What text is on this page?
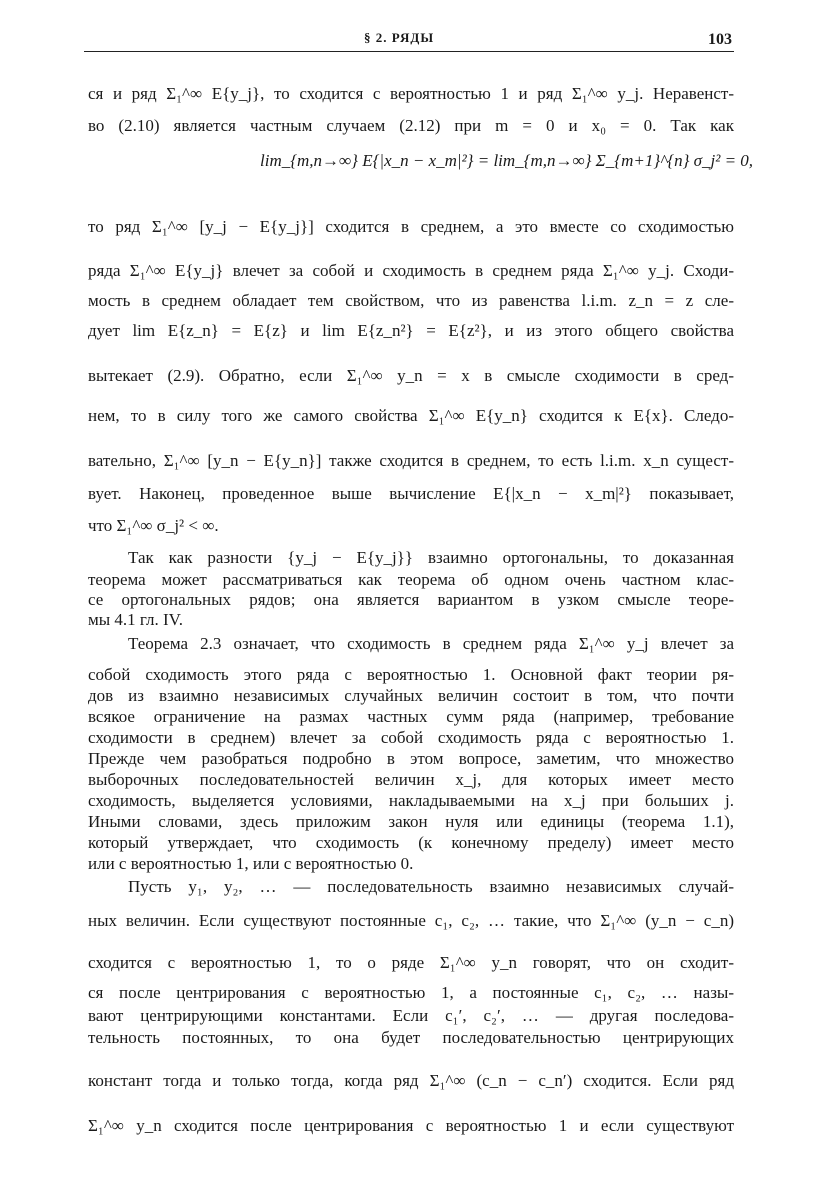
§ 2. РЯДЫ	103
ся и ряд Σ₁^∞ E{y_j}, то сходится с вероятностью 1 и ряд Σ₁^∞ y_j. Неравенст-
во (2.10) является частным случаем (2.12) при m = 0 и x₀ = 0. Так как
lim_{m,n→∞} E{|x_n − x_m|²} = lim_{m,n→∞} Σ_{m+1}^{n} σ_j² = 0,
то ряд Σ₁^∞ [y_j − E{y_j}] сходится в среднем, а это вместе со сходимостью
ряда Σ₁^∞ E{y_j} влечет за собой и сходимость в среднем ряда Σ₁^∞ y_j. Сходи-
мость в среднем обладает тем свойством, что из равенства l.i.m. z_n = z сле-
дует lim E{z_n} = E{z} и lim E{z_n²} = E{z²}, и из этого общего свойства
вытекает (2.9). Обратно, если Σ₁^∞ y_n = x в смысле сходимости в сред-
нем, то в силу того же самого свойства Σ₁^∞ E{y_n} сходится к E{x}. Следо-
вательно, Σ₁^∞ [y_n − E{y_n}] также сходится в среднем, то есть l.i.m. x_n сущест-
вует. Наконец, проведенное выше вычисление E{|x_n − x_m|²} показывает,
что Σ₁^∞ σ_j² < ∞.
Так как разности {y_j − E{y_j}} взаимно ортогональны, то доказанная
теорема может рассматриваться как теорема об одном очень частном клас-
се ортогональных рядов; она является вариантом в узком смысле теоре-
мы 4.1 гл. IV.
Теорема 2.3 означает, что сходимость в среднем ряда Σ₁^∞ y_j влечет за
собой сходимость этого ряда с вероятностью 1. Основной факт теории ря-
дов из взаимно независимых случайных величин состоит в том, что почти
всякое ограничение на размах частных сумм ряда (например, требование
сходимости в среднем) влечет за собой сходимость ряда с вероятностью 1.
Прежде чем разобраться подробно в этом вопросе, заметим, что множество
выборочных последовательностей величин x_j, для которых имеет место
сходимость, выделяется условиями, накладываемыми на x_j при больших j.
Иными словами, здесь приложим закон нуля или единицы (теорема 1.1),
который утверждает, что сходимость (к конечному пределу) имеет место
или с вероятностью 1, или с вероятностью 0.
Пусть y₁, y₂, … — последовательность взаимно независимых случай-
ных величин. Если существуют постоянные c₁, c₂, … такие, что Σ₁^∞ (y_n − c_n)
сходится с вероятностью 1, то о ряде Σ₁^∞ y_n говорят, что он сходит-
ся после центрирования с вероятностью 1, а постоянные c₁, c₂, … назы-
вают центрирующими константами. Если c₁′, c₂′, … — другая последова-
тельность постоянных, то она будет последовательностью центрирующих
констант тогда и только тогда, когда ряд Σ₁^∞ (c_n − c_n′) сходится. Если ряд
Σ₁^∞ y_n сходится после центрирования с вероятностью 1 и если существуют
